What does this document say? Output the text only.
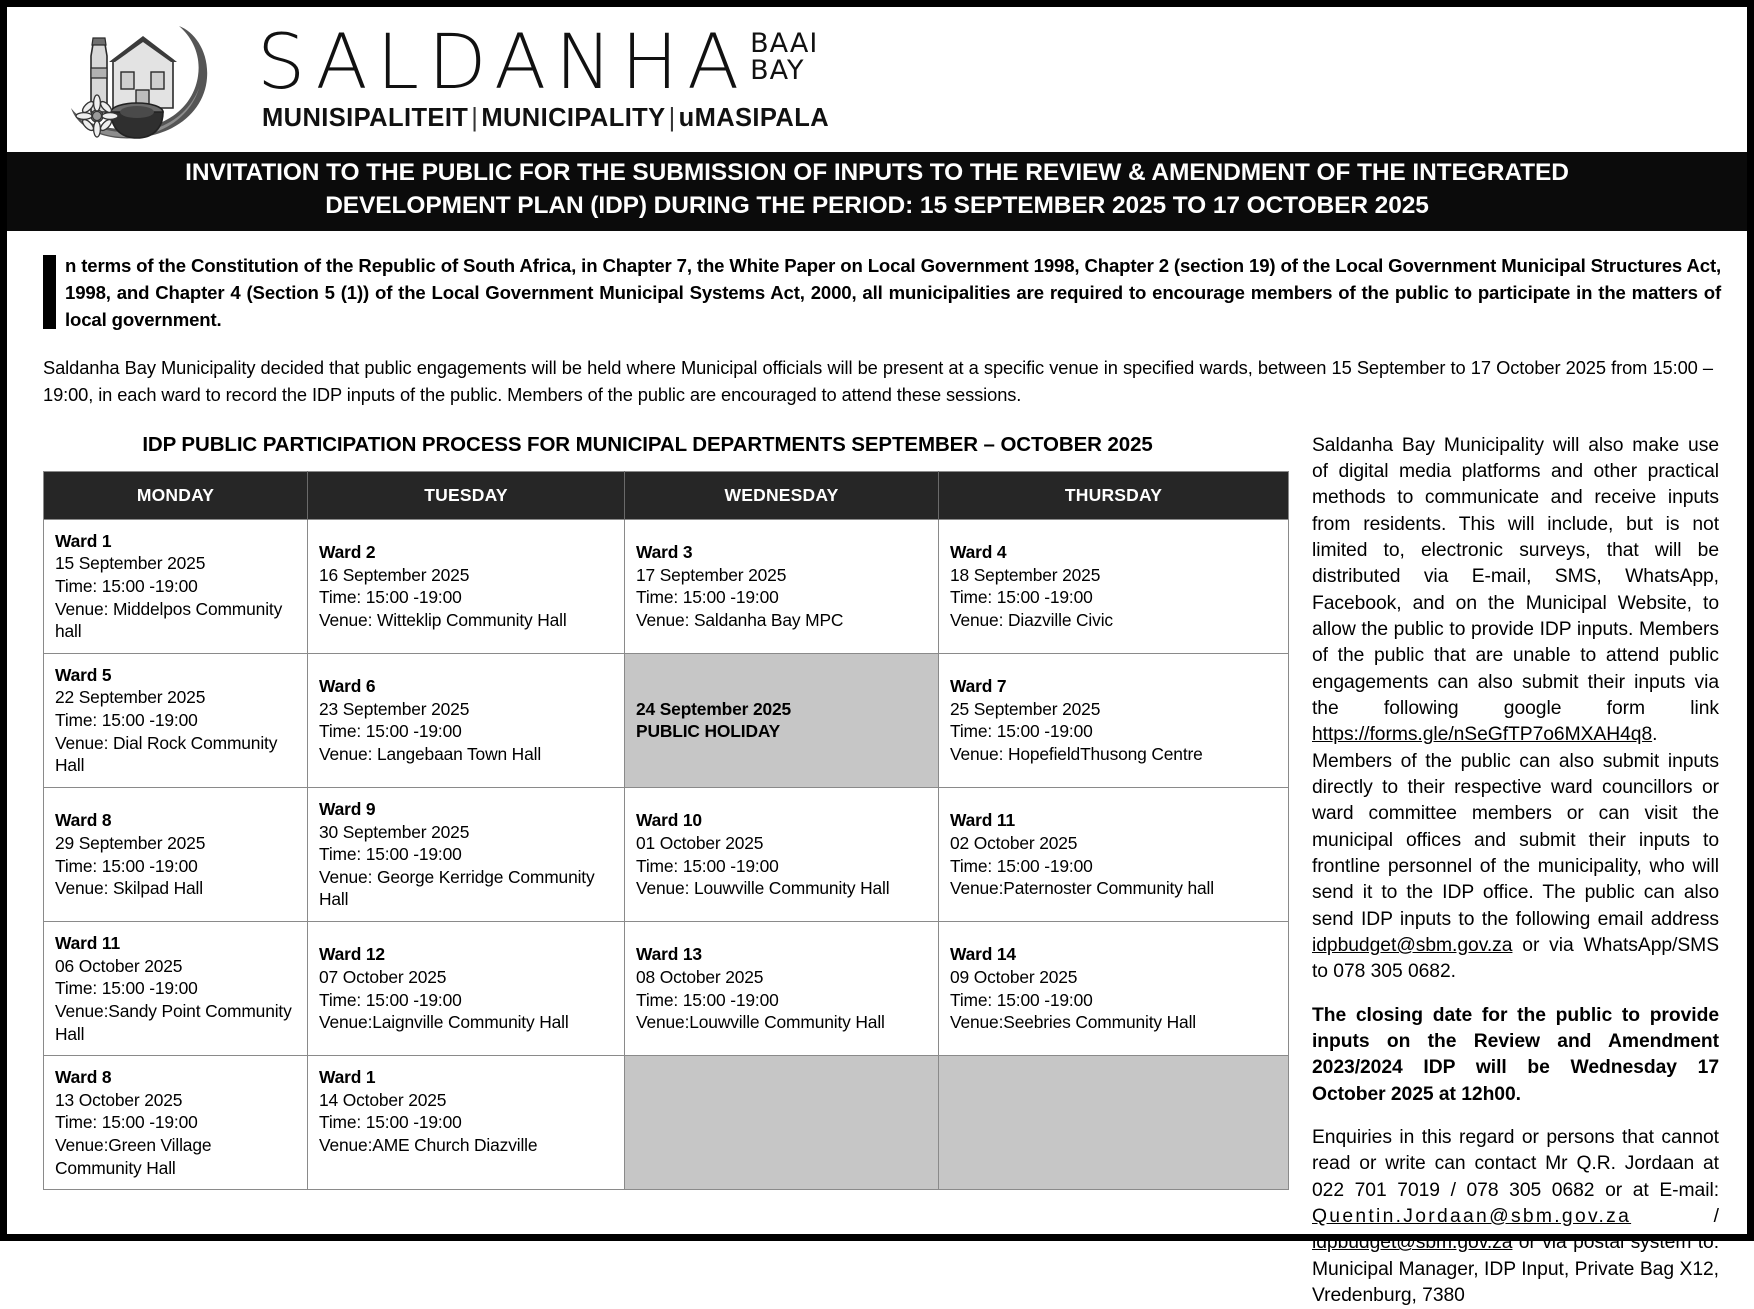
SALDANHA BAAI
BAY
MUNISIPALITEIT | MUNICIPALITY | uMASIPALA
INVITATION TO THE PUBLIC FOR THE SUBMISSION OF INPUTS TO THE REVIEW & AMENDMENT OF THE INTEGRATED
DEVELOPMENT PLAN (IDP) DURING THE PERIOD: 15 SEPTEMBER 2025 TO 17 OCTOBER 2025
n terms of the Constitution of the Republic of South Africa, in Chapter 7, the White Paper on Local Government 1998, Chapter 2 (section 19) of the Local Government Municipal Structures Act, 1998, and Chapter 4 (Section 5 (1)) of the Local Government Municipal Systems Act, 2000, all municipalities are required to encourage members of the public to participate in the matters of local government.
Saldanha Bay Municipality decided that public engagements will be held where Municipal officials will be present at a specific venue in specified wards, between 15 September to 17 October 2025 from 15:00 – 19:00, in each ward to record the IDP inputs of the public. Members of the public are encouraged to attend these sessions.
IDP PUBLIC PARTICIPATION PROCESS FOR MUNICIPAL DEPARTMENTS SEPTEMBER – OCTOBER 2025
MONDAY	TUESDAY	WEDNESDAY	THURSDAY

Ward 1
15 September 2025
Time: 15:00 -19:00
Venue: Middelpos Community hall	Ward 2
16 September 2025
Time: 15:00 -19:00
Venue: Witteklip Community Hall	Ward 3
17 September 2025
Time: 15:00 -19:00
Venue: Saldanha Bay MPC	Ward 4
18 September 2025
Time: 15:00 -19:00
Venue: Diazville Civic

Ward 5
22 September 2025
Time: 15:00 -19:00
Venue: Dial Rock Community Hall	Ward 6
23 September 2025
Time: 15:00 -19:00
Venue: Langebaan Town Hall	24 September 2025
PUBLIC HOLIDAY	Ward 7
25 September 2025
Time: 15:00 -19:00
Venue: HopefieldThusong Centre

Ward 8
29 September 2025
Time: 15:00 -19:00
Venue: Skilpad Hall	Ward 9
30 September 2025
Time: 15:00 -19:00
Venue: George Kerridge Community Hall	Ward 10
01 October 2025
Time: 15:00 -19:00
Venue: Louwville Community Hall	Ward 11
02 October 2025
Time: 15:00 -19:00
Venue:Paternoster Community hall

Ward 11
06 October 2025
Time: 15:00 -19:00
Venue:Sandy Point Community Hall	Ward 12
07 October 2025
Time: 15:00 -19:00
Venue:Laignville Community Hall	Ward 13
08 October 2025
Time: 15:00 -19:00
Venue:Louwville Community Hall	Ward 14
09 October 2025
Time: 15:00 -19:00
Venue:Seebries Community Hall

Ward 8
13 October 2025
Time: 15:00 -19:00
Venue:Green Village Community Hall	Ward 1
14 October 2025
Time: 15:00 -19:00
Venue:AME Church Diazville		

Saldanha Bay Municipality will also make use of digital media platforms and other practical methods to communicate and receive inputs from residents. This will include, but is not limited to, electronic surveys, that will be distributed via E-mail, SMS, WhatsApp, Facebook, and on the Municipal Website, to allow the public to provide IDP inputs. Members of the public that are unable to attend public engagements can also submit their inputs via the following google form link https://forms.gle/nSeGfTP7o6MXAH4q8. Members of the public can also submit inputs directly to their respective ward councillors or ward committee members or can visit the municipal offices and submit their inputs to frontline personnel of the municipality, who will send it to the IDP office. The public can also send IDP inputs to the following email address idpbudget@sbm.gov.za or via WhatsApp/SMS to 078 305 0682.

The closing date for the public to provide inputs on the Review and Amendment 2023/2024 IDP will be Wednesday 17 October 2025 at 12h00.

Enquiries in this regard or persons that cannot read or write can contact Mr Q.R. Jordaan at 022 701 7019 / 078 305 0682 or at E-mail: Quentin.Jordaan@sbm.gov.za / idpbudget@sbm.gov.za or via postal system to: Municipal Manager, IDP Input, Private Bag X12, Vredenburg, 7380
